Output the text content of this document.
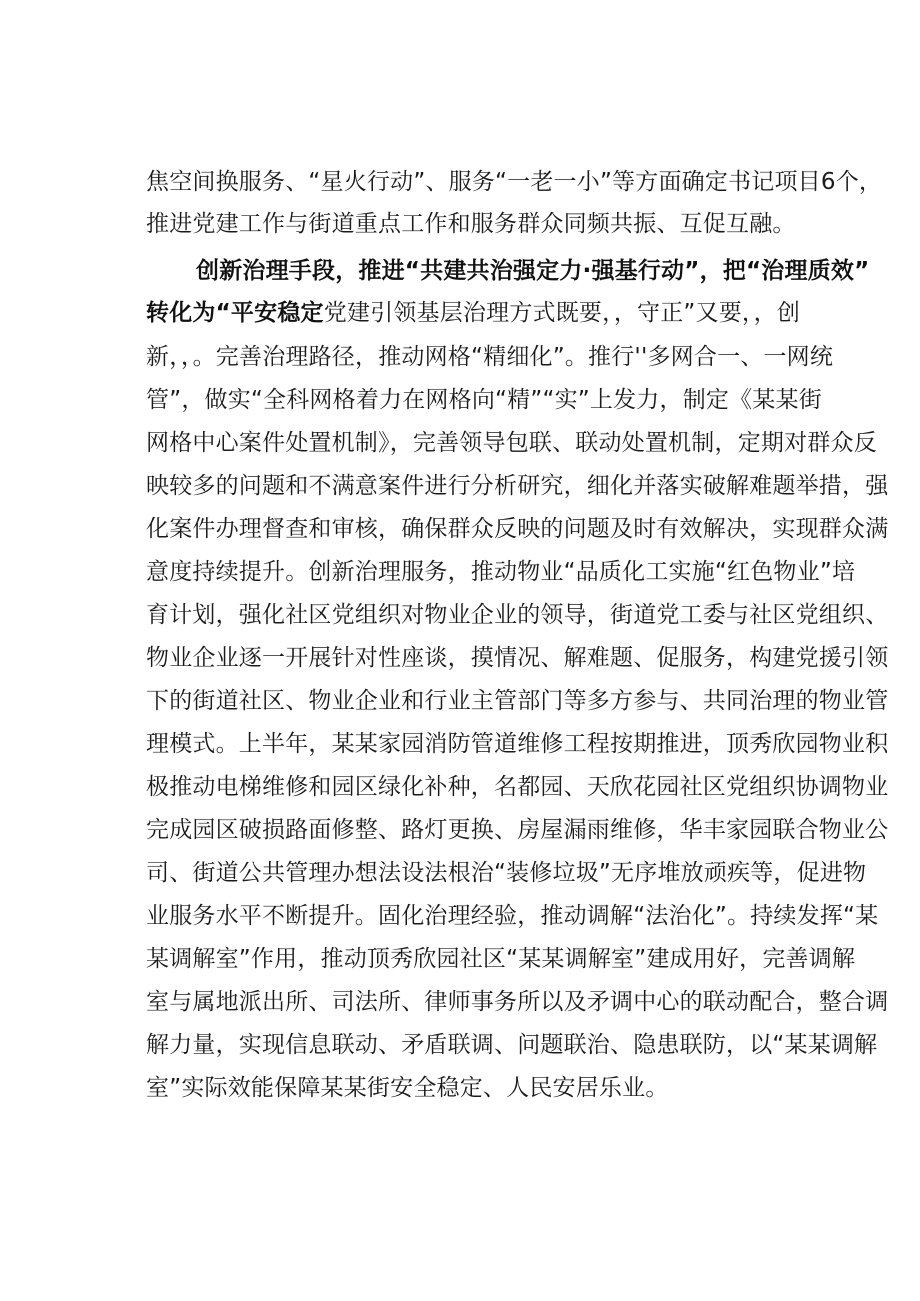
焦空间换服务、“星火行动”、服务“一老一小”等方面确定书记项目6个，
推进党建工作与街道重点工作和服务群众同频共振、互促互融。
创新治理手段，推进“共建共治强定力·强基行动”，把“治理质效”
转化为“平安稳定党建引领基层治理方式既要，，守正”又要，，创
新，，。完善治理路径，推动网格“精细化”。推行''多网合一、一网统
管”，做实“全科网格着力在网格向“精”“实”上发力，制定《某某街
网格中心案件处置机制》，完善领导包联、联动处置机制，定期对群众反
映较多的问题和不满意案件进行分析研究，细化并落实破解难题举措，强
化案件办理督查和审核，确保群众反映的问题及时有效解决，实现群众满
意度持续提升。创新治理服务，推动物业“品质化工实施“红色物业”培
育计划，强化社区党组织对物业企业的领导，街道党工委与社区党组织、
物业企业逐一开展针对性座谈，摸情况、解难题、促服务，构建党援引领
下的街道社区、物业企业和行业主管部门等多方参与、共同治理的物业管
理模式。上半年，某某家园消防管道维修工程按期推进，顶秀欣园物业积
极推动电梯维修和园区绿化补种，名都园、天欣花园社区党组织协调物业
完成园区破损路面修整、路灯更换、房屋漏雨维修，华丰家园联合物业公
司、街道公共管理办想法设法根治“装修垃圾”无序堆放顽疾等，促进物
业服务水平不断提升。固化治理经验，推动调解“法治化”。持续发挥“某
某调解室”作用，推动顶秀欣园社区“某某调解室”建成用好，完善调解
室与属地派出所、司法所、律师事务所以及矛调中心的联动配合，整合调
解力量，实现信息联动、矛盾联调、问题联治、隐患联防，以“某某调解
室”实际效能保障某某街安全稳定、人民安居乐业。
